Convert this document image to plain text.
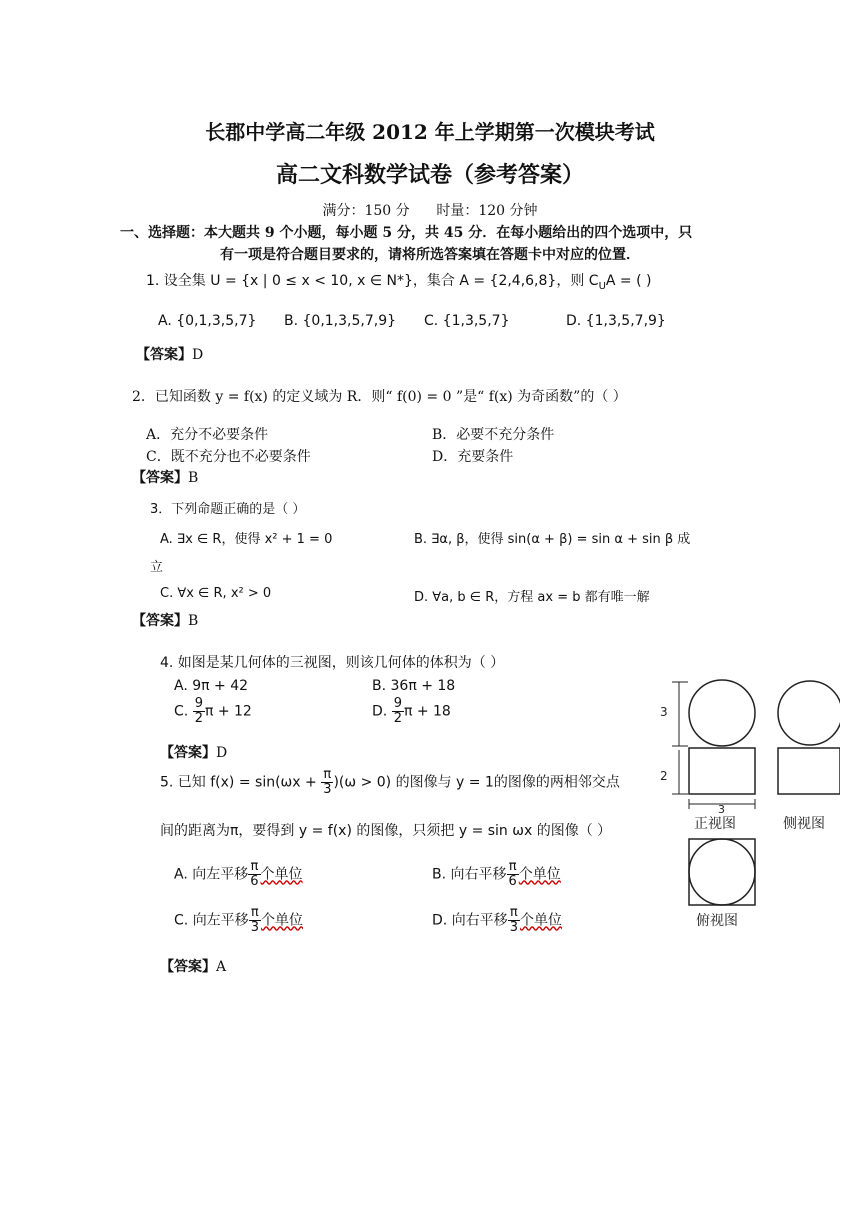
长郡中学高二年级 2012 年上学期第一次模块考试
高二文科数学试卷（参考答案）
满分：150 分      时量：120 分钟
一、选择题：本大题共 9 个小题，每小题 5 分，共 45 分．在每小题给出的四个选项中，只
有一项是符合题目要求的，请将所选答案填在答题卡中对应的位置．
1. 设全集 U = {x | 0 ≤ x < 10, x ∈ N*}，集合 A = {2,4,6,8}，则 $C_UA$ = ( )
A. {0,1,3,5,7} B. {0,1,3,5,7,9} C. {1,3,5,7}	D. {1,3,5,7,9}
【答案】D
2．已知函数 y = f(x) 的定义域为 R．则“ f(0) = 0 ”是“ f(x) 为奇函数”的（ ）
A．充分不必要条件	B．必要不充分条件
C．既不充分也不必要条件	D．充要条件
【答案】B
3．下列命题正确的是（ ）
A. ∃x ∈ R，使得 x² + 1 = 0	B. ∃α, β，使得 sin(α + β) = sin α + sin β 成
立
C. ∀x ∈ R, x² > 0	D. ∀a, b ∈ R，方程 ax = b 都有唯一解
【答案】B
4. 如图是某几何体的三视图，则该几何体的体积为（ ）
A. 9π + 42	B. 36π + 18
C. $\frac{9}{2}$ π + 12	D. $\frac{9}{2}$ π + 18
【答案】D
5. 已知 $f(x) = \sin(\omega x + \frac{\pi}{3} )(\omega > 0)$ 的图像与 y = 1的图像的两相邻交点
间的距离为π，要得到 y = f(x) 的图像，只须把 y = sin ωx 的图像（ ）
A. 向左平移 $\frac{\pi}{6}$ 个单位	B. 向右平移 $\frac{\pi}{6}$ 个单位
C. 向左平移 $\frac{\pi}{3}$ 个单位	D. 向右平移 $\frac{\pi}{3}$ 个单位
【答案】A
3
2
3
正视图	侧视图
俯视图
